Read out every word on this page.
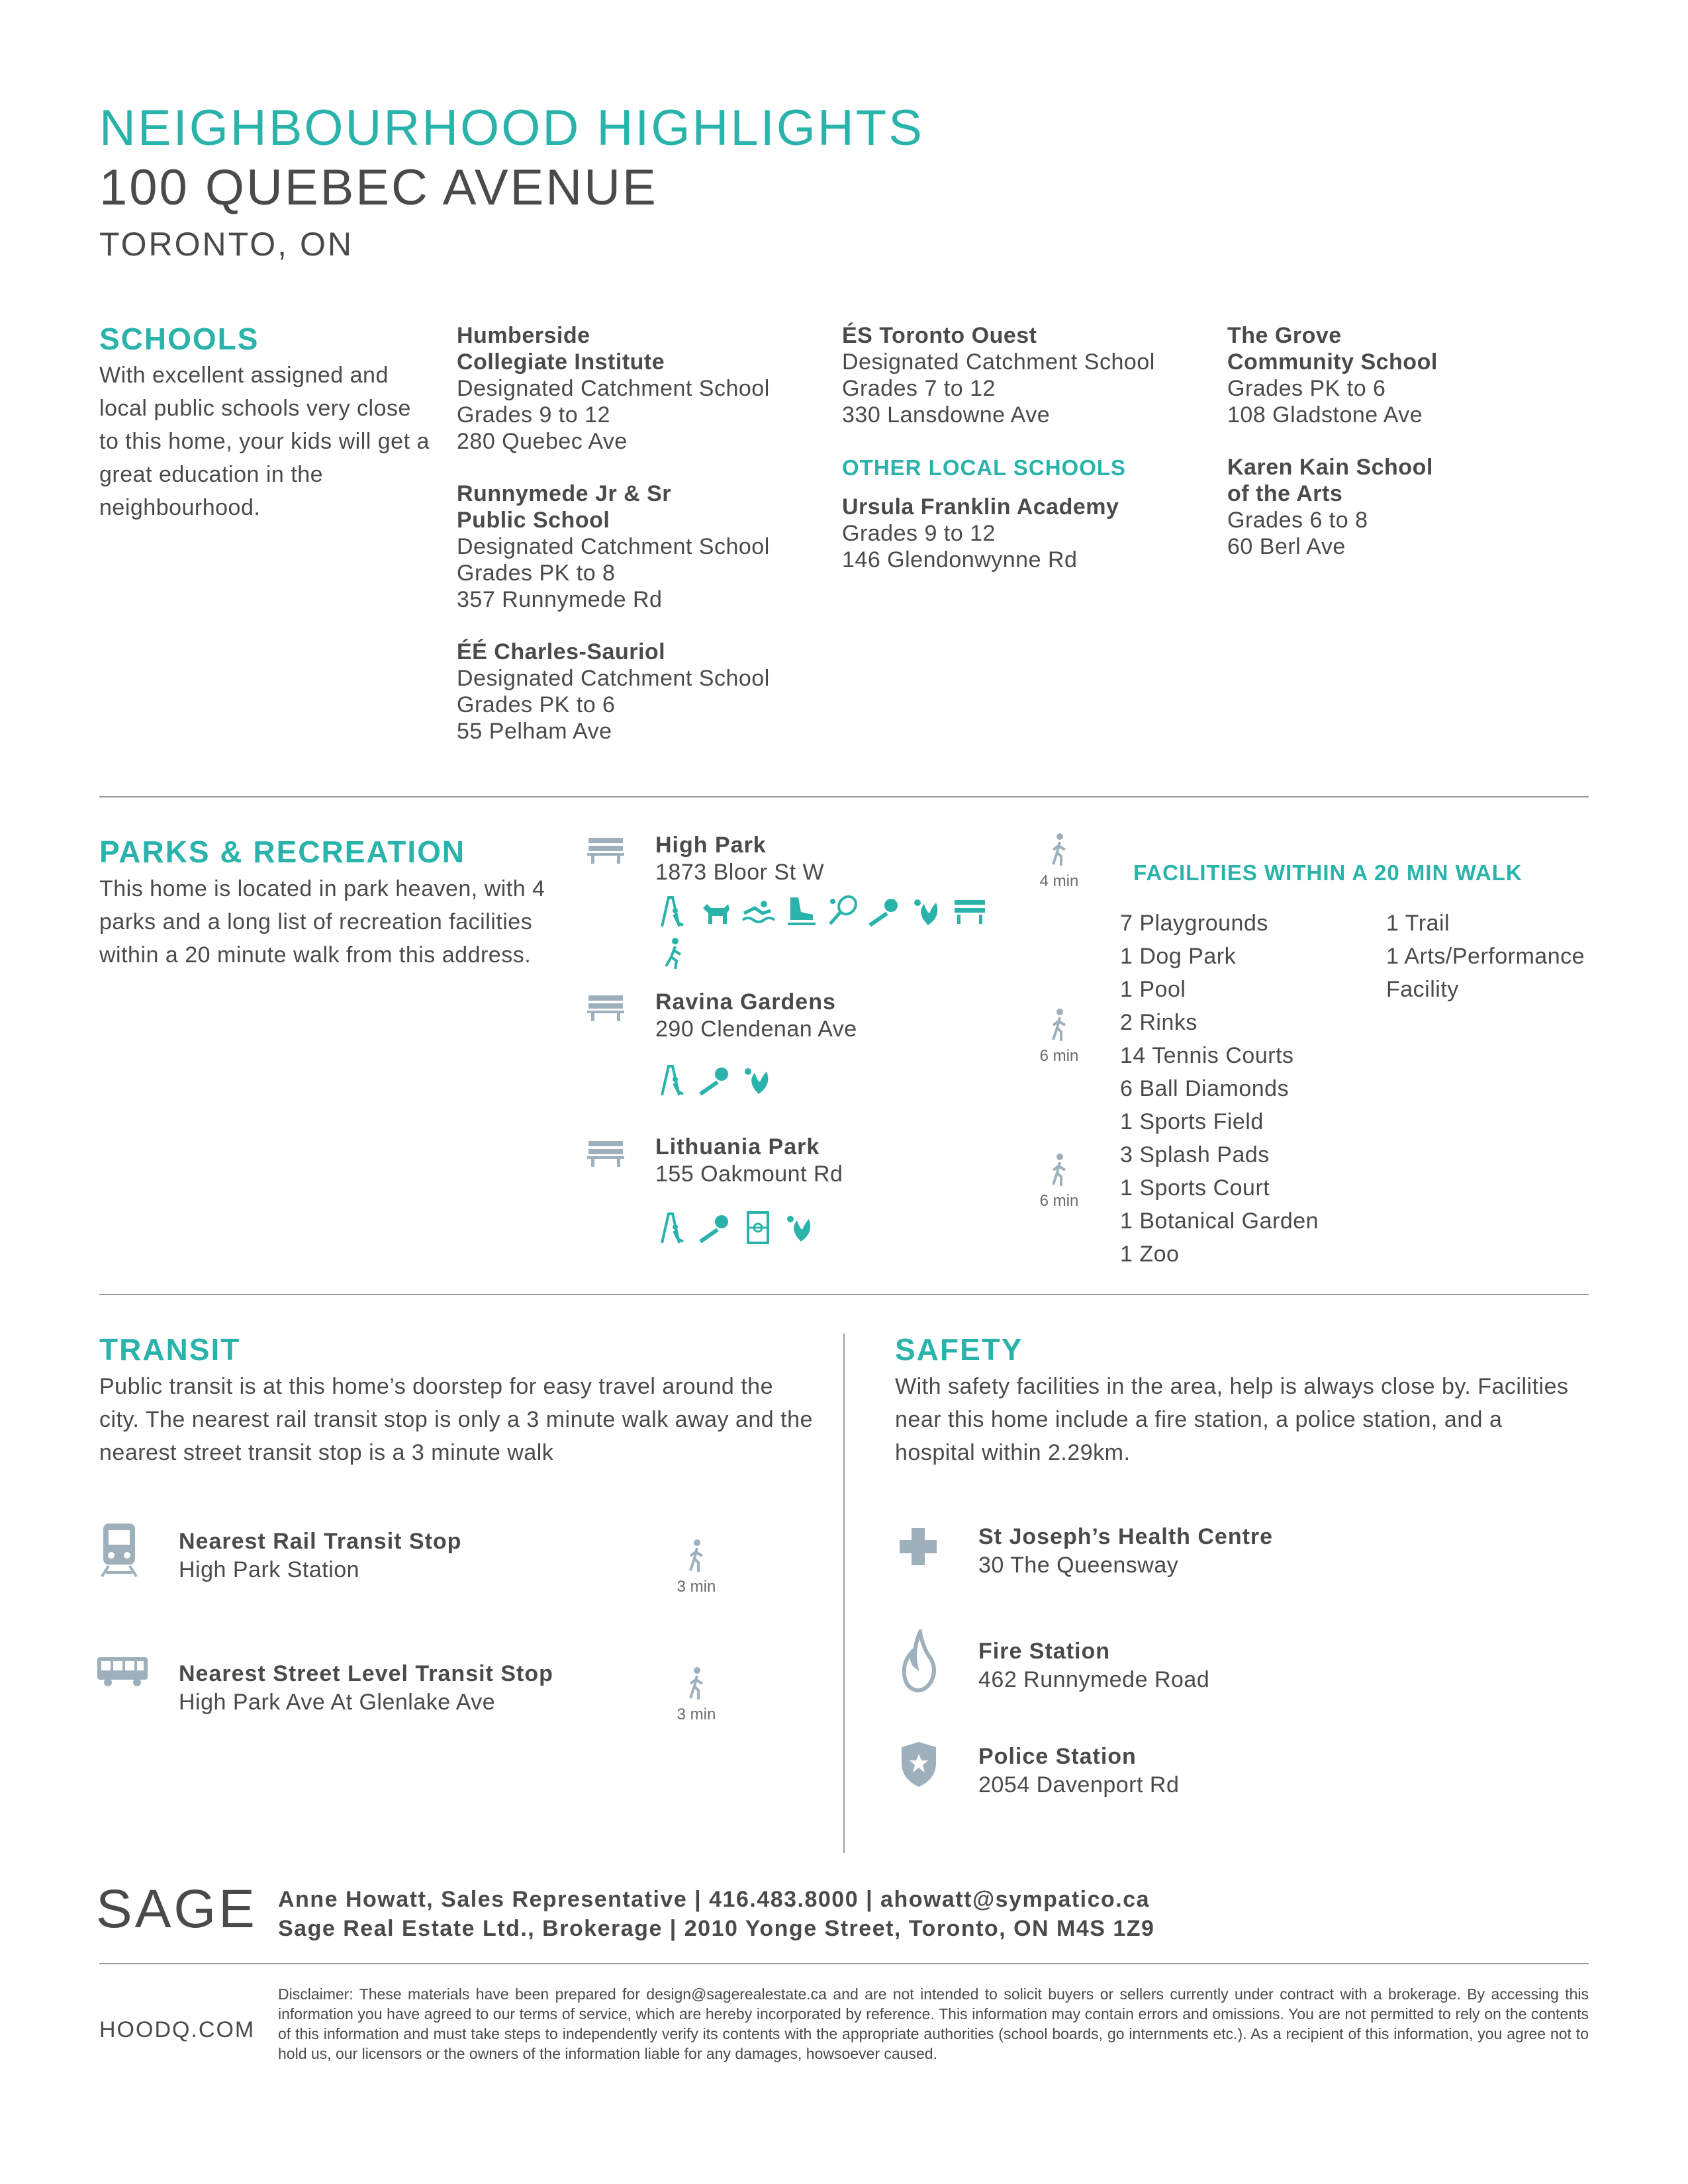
NEIGHBOURHOOD HIGHLIGHTS
100 QUEBEC AVENUE
TORONTO, ON
SCHOOLS

With excellent assigned and local public schools very close to this home, your kids will get a great education in the neighbourhood.

Humberside
Collegiate Institute
Designated Catchment School
Grades 9 to 12
280 Quebec Ave
Runnymede Jr & Sr
Public School
Designated Catchment School
Grades PK to 8
357 Runnymede Rd
ÉÉ Charles-Sauriol
Designated Catchment School
Grades PK to 6
55 Pelham Ave
ÉS Toronto Ouest
Designated Catchment School
Grades 7 to 12
330 Lansdowne Ave
OTHER LOCAL SCHOOLS
Ursula Franklin Academy
Grades 9 to 12
146 Glendonwynne Rd
The Grove
Community School
Grades PK to 6
108 Gladstone Ave
Karen Kain School
of the Arts
Grades 6 to 8
60 Berl Ave
PARKS & RECREATION

This home is located in park heaven, with 4 parks and a long list of recreation facilities within a 20 minute walk from this address.

High Park
1873 Bloor St W
Ravina Gardens
290 Clendenan Ave
Lithuania Park
155 Oakmount Rd
4 min
6 min
6 min
FACILITIES WITHIN A 20 MIN WALK
7 Playgrounds
1 Dog Park
1 Pool
2 Rinks
14 Tennis Courts
6 Ball Diamonds
1 Sports Field
3 Splash Pads
1 Sports Court
1 Botanical Garden
1 Zoo
1 Trail
1 Arts/Performance
Facility
TRANSIT

Public transit is at this home’s doorstep for easy travel around the city. The nearest rail transit stop is only a 3 minute walk away and the nearest street transit stop is a 3 minute walk

Nearest Rail Transit Stop
High Park Station
3 min
Nearest Street Level Transit Stop
High Park Ave At Glenlake Ave	3 min
SAFETY

With safety facilities in the area, help is always close by. Facilities near this home include a fire station, a police station, and a hospital within 2.29km.

St Joseph’s Health Centre
30 The Queensway
Fire Station
462 Runnymede Road
Police Station
2054 Davenport Rd
SAGE Anne Howatt, Sales Representative | 416.483.8000 | ahowatt@sympatico.ca
Sage Real Estate Ltd., Brokerage | 2010 Yonge Street, Toronto, ON M4S 1Z9
HOODQ.COM

Disclaimer: These materials have been prepared for design@sagerealestate.ca and are not intended to solicit buyers or sellers currently under contract with a brokerage. By accessing this information you have agreed to our terms of service, which are hereby incorporated by reference. This information may contain errors and omissions. You are not permitted to rely on the contents of this information and must take steps to independently verify its contents with the appropriate authorities (school boards, go internments etc.). As a recipient of this information, you agree not to hold us, our licensors or the owners of the information liable for any damages, howsoever caused.
